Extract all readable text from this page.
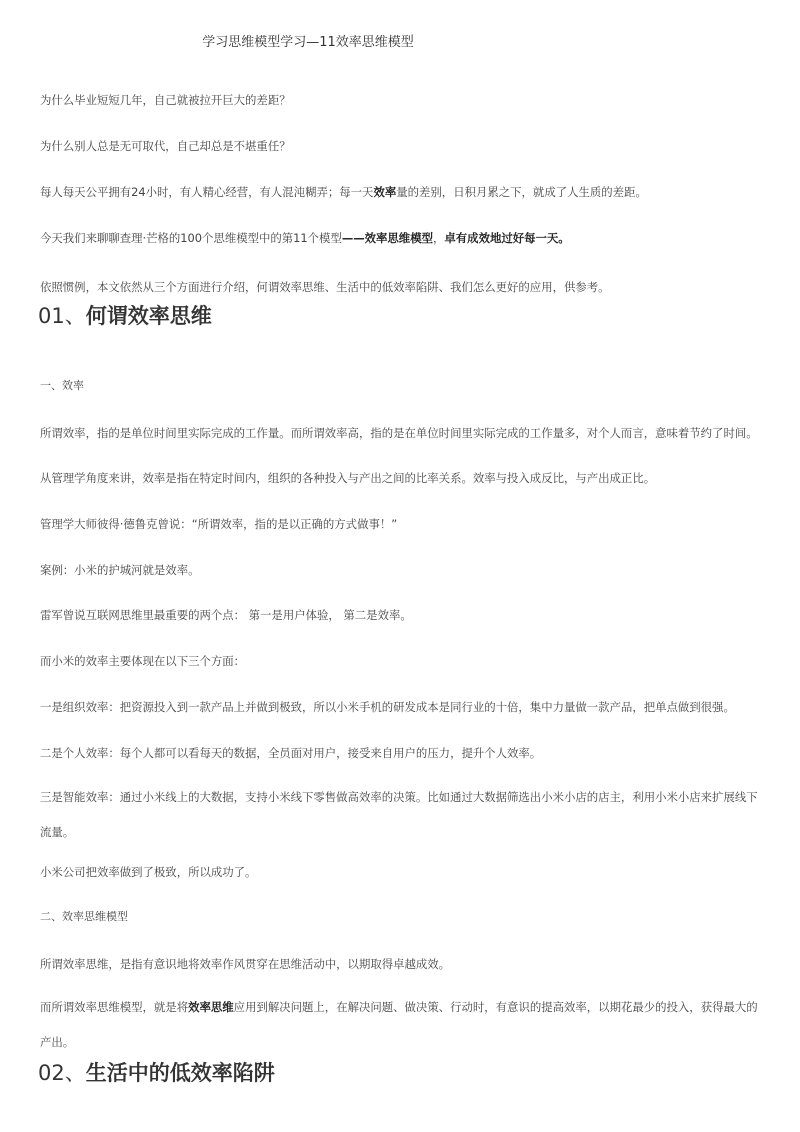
学习思维模型学习—11效率思维模型
为什么毕业短短几年，自己就被拉开巨大的差距？
为什么别人总是无可取代，自己却总是不堪重任？
每人每天公平拥有24小时，有人精心经营，有人混沌糊弄；每一天效率量的差别，日积月累之下，就成了人生质的差距。
今天我们来聊聊查理·芒格的100个思维模型中的第11个模型——效率思维模型，卓有成效地过好每一天。
依照惯例，本文依然从三个方面进行介绍，何谓效率思维、生活中的低效率陷阱、我们怎么更好的应用，供参考。
01、何谓效率思维
一、效率
所谓效率，指的是单位时间里实际完成的工作量。而所谓效率高，指的是在单位时间里实际完成的工作量多，对个人而言，意味着节约了时间。
从管理学角度来讲，效率是指在特定时间内，组织的各种投入与产出之间的比率关系。效率与投入成反比，与产出成正比。
管理学大师彼得·德鲁克曾说：“所谓效率，指的是以正确的方式做事！”
案例：小米的护城河就是效率。
雷军曾说互联网思维里最重要的两个点： 第一是用户体验， 第二是效率。
而小米的效率主要体现在以下三个方面：
一是组织效率：把资源投入到一款产品上并做到极致，所以小米手机的研发成本是同行业的十倍，集中力量做一款产品，把单点做到很强。
二是个人效率：每个人都可以看每天的数据，全员面对用户，接受来自用户的压力，提升个人效率。
三是智能效率：通过小米线上的大数据，支持小米线下零售做高效率的决策。比如通过大数据筛选出小米小店的店主，利用小米小店来扩展线下流量。
小米公司把效率做到了极致，所以成功了。
二、效率思维模型
所谓效率思维，是指有意识地将效率作风贯穿在思维活动中，以期取得卓越成效。
而所谓效率思维模型，就是将效率思维应用到解决问题上，在解决问题、做决策、行动时，有意识的提高效率，以期花最少的投入，获得最大的产出。
02、生活中的低效率陷阱
